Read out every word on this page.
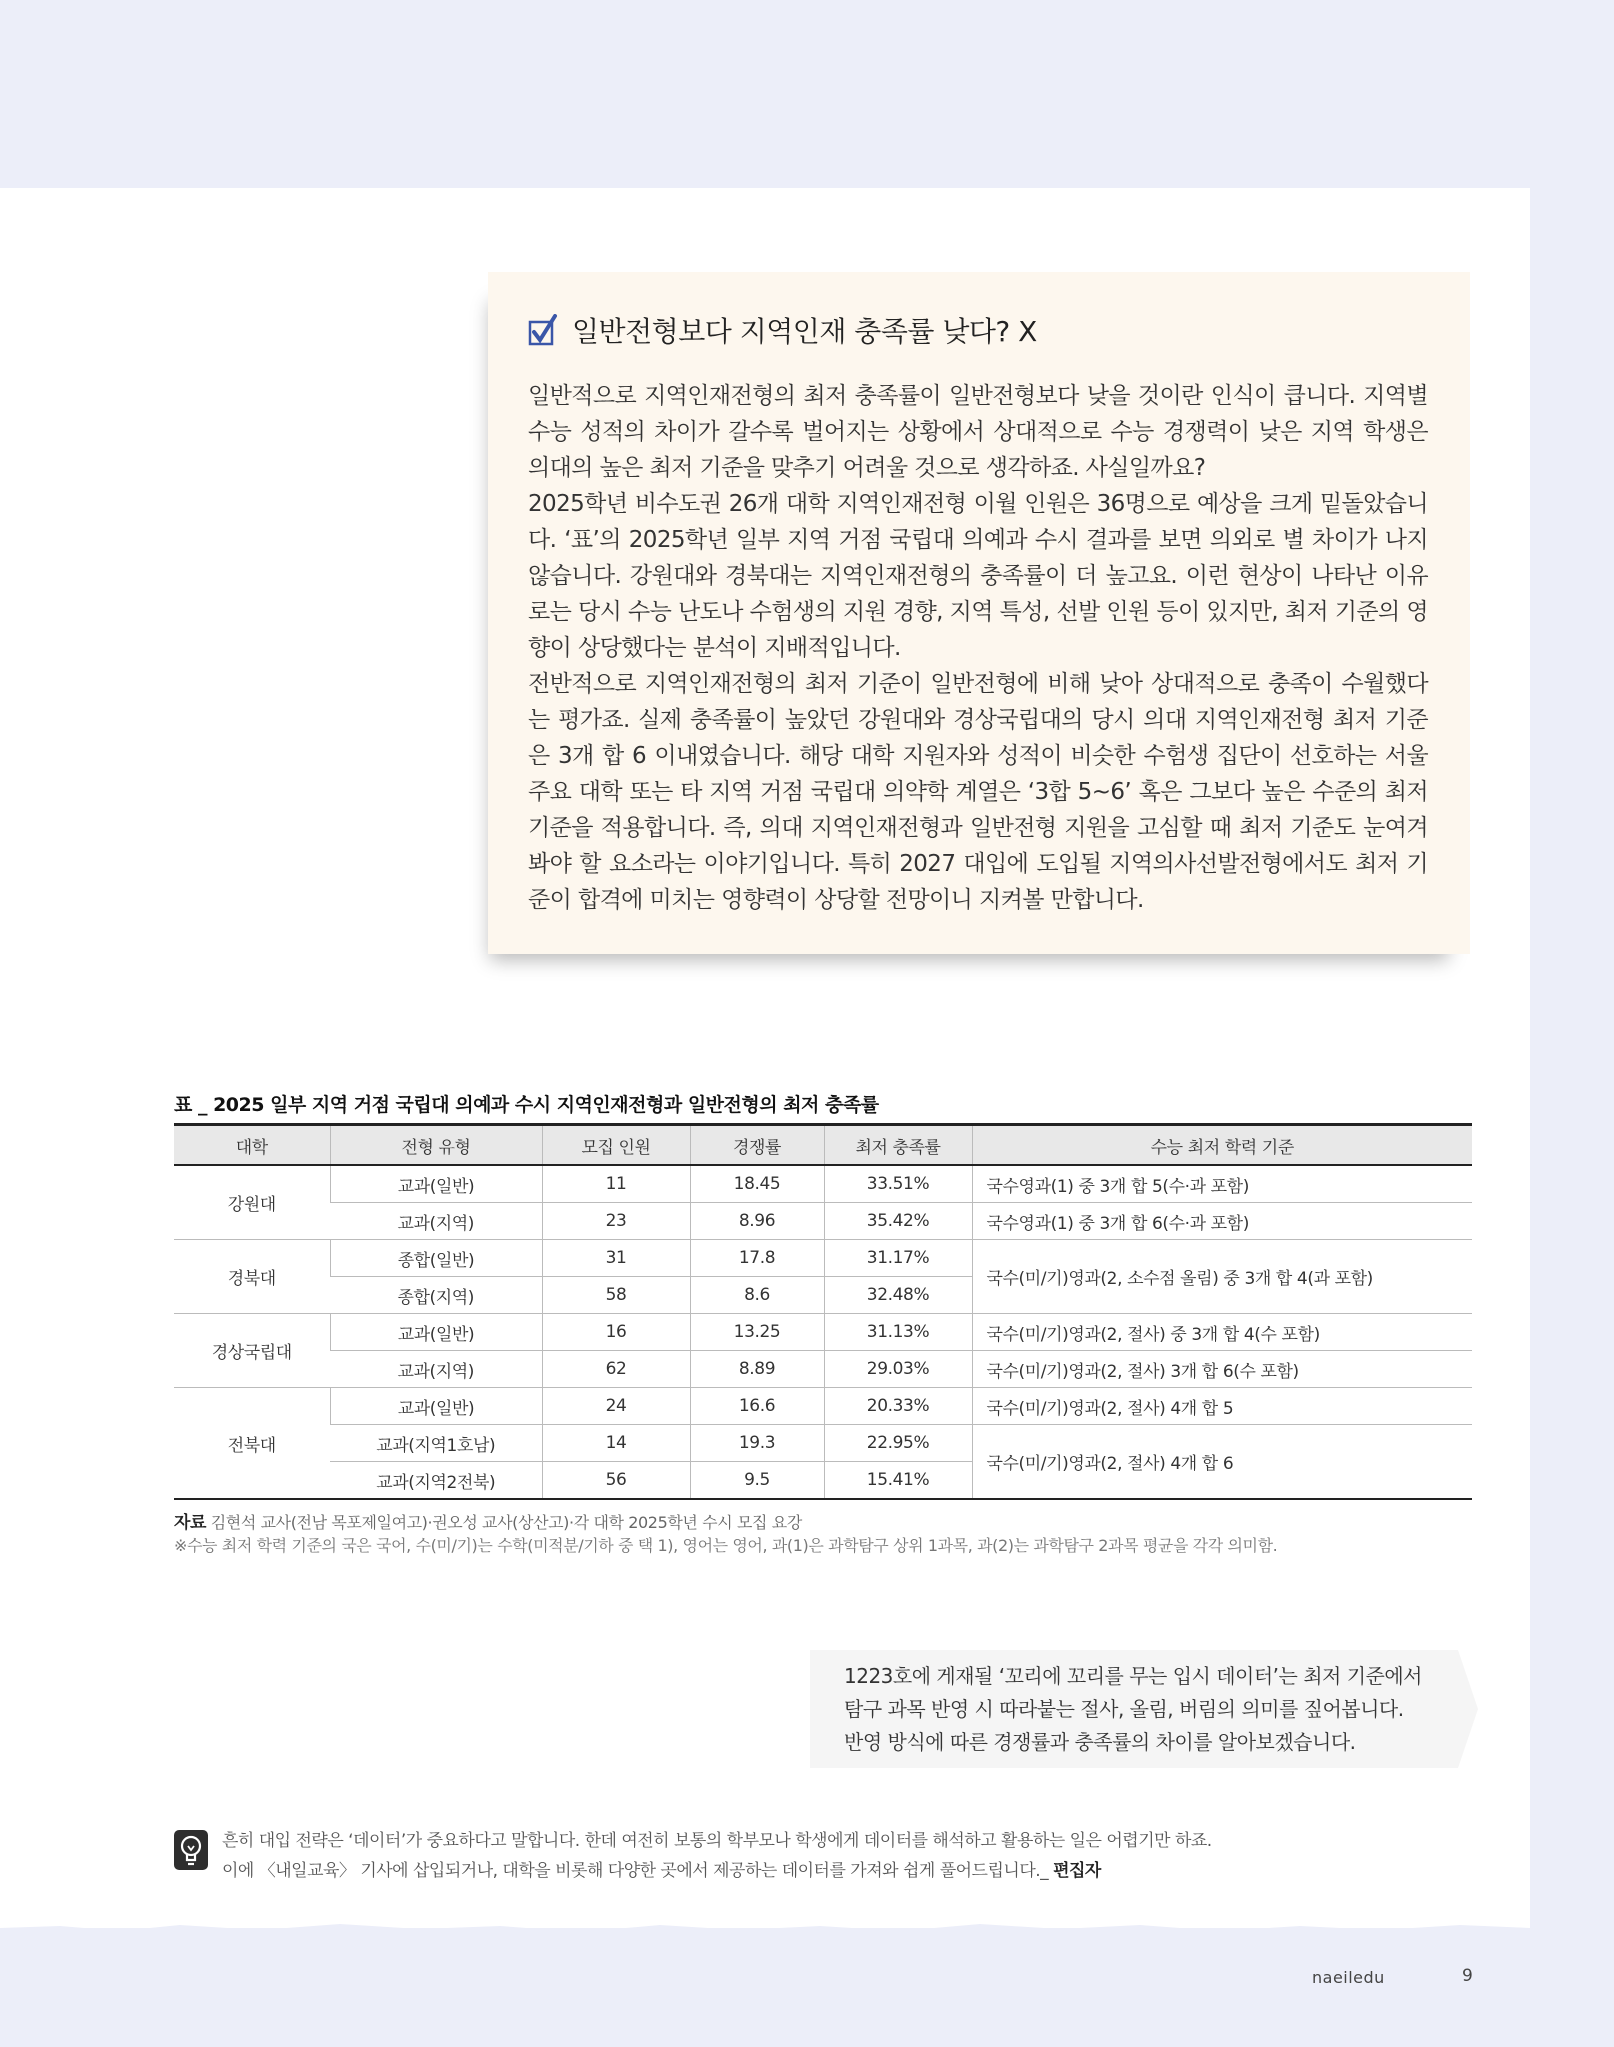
일반전형보다 지역인재 충족률 낮다? X

일반적으로 지역인재전형의 최저 충족률이 일반전형보다 낮을 것이란 인식이 큽니다. 지역별 수능 성적의 차이가 갈수록 벌어지는 상황에서 상대적으로 수능 경쟁력이 낮은 지역 학생은 의대의 높은 최저 기준을 맞추기 어려울 것으로 생각하죠. 사실일까요?

2025학년 비수도권 26개 대학 지역인재전형 이월 인원은 36명으로 예상을 크게 밑돌았습니다. ‘표’의 2025학년 일부 지역 거점 국립대 의예과 수시 결과를 보면 의외로 별 차이가 나지 않습니다. 강원대와 경북대는 지역인재전형의 충족률이 더 높고요. 이런 현상이 나타난 이유로는 당시 수능 난도나 수험생의 지원 경향, 지역 특성, 선발 인원 등이 있지만, 최저 기준의 영향이 상당했다는 분석이 지배적입니다.

전반적으로 지역인재전형의 최저 기준이 일반전형에 비해 낮아 상대적으로 충족이 수월했다는 평가죠. 실제 충족률이 높았던 강원대와 경상국립대의 당시 의대 지역인재전형 최저 기준은 3개 합 6 이내였습니다. 해당 대학 지원자와 성적이 비슷한 수험생 집단이 선호하는 서울 주요 대학 또는 타 지역 거점 국립대 의약학 계열은 ‘3합 5~6’ 혹은 그보다 높은 수준의 최저 기준을 적용합니다. 즉, 의대 지역인재전형과 일반전형 지원을 고심할 때 최저 기준도 눈여겨봐야 할 요소라는 이야기입니다. 특히 2027 대입에 도입될 지역의사선발전형에서도 최저 기준이 합격에 미치는 영향력이 상당할 전망이니 지켜볼 만합니다.

표 _ 2025 일부 지역 거점 국립대 의예과 수시 지역인재전형과 일반전형의 최저 충족률
대학	전형 유형	모집 인원	경쟁률	최저 충족률	수능 최저 학력 기준
강원대	교과(일반)	11	18.45	33.51%	국수영과(1) 중 3개 합 5(수·과 포함)
	교과(지역)	23	8.96	35.42%	국수영과(1) 중 3개 합 6(수·과 포함)
경북대	종합(일반)	31	17.8	31.17%	국수(미/기)영과(2, 소수점 올림) 중 3개 합 4(과 포함)
	종합(지역)	58	8.6	32.48%	
경상국립대	교과(일반)	16	13.25	31.13%	국수(미/기)영과(2, 절사) 중 3개 합 4(수 포함)
	교과(지역)	62	8.89	29.03%	국수(미/기)영과(2, 절사) 3개 합 6(수 포함)
전북대	교과(일반)	24	16.6	20.33%	국수(미/기)영과(2, 절사) 4개 합 5
	교과(지역1호남)	14	19.3	22.95%	국수(미/기)영과(2, 절사) 4개 합 6
	교과(지역2전북)	56	9.5	15.41%	
자료 김현석 교사(전남 목포제일여고)·권오성 교사(상산고)·각 대학 2025학년 수시 모집 요강
※수능 최저 학력 기준의 국은 국어, 수(미/기)는 수학(미적분/기하 중 택 1), 영어는 영어, 과(1)은 과학탐구 상위 1과목, 과(2)는 과학탐구 2과목 평균을 각각 의미함.
1223호에 게재될 ‘꼬리에 꼬리를 무는 입시 데이터’는 최저 기준에서
탐구 과목 반영 시 따라붙는 절사, 올림, 버림의 의미를 짚어봅니다.
반영 방식에 따른 경쟁률과 충족률의 차이를 알아보겠습니다.
흔히 대입 전략은 ‘데이터’가 중요하다고 말합니다. 한데 여전히 보통의 학부모나 학생에게 데이터를 해석하고 활용하는 일은 어렵기만 하죠.
이에 〈내일교육〉 기사에 삽입되거나, 대학을 비롯해 다양한 곳에서 제공하는 데이터를 가져와 쉽게 풀어드립니다._ 편집자
naeiledu	9
